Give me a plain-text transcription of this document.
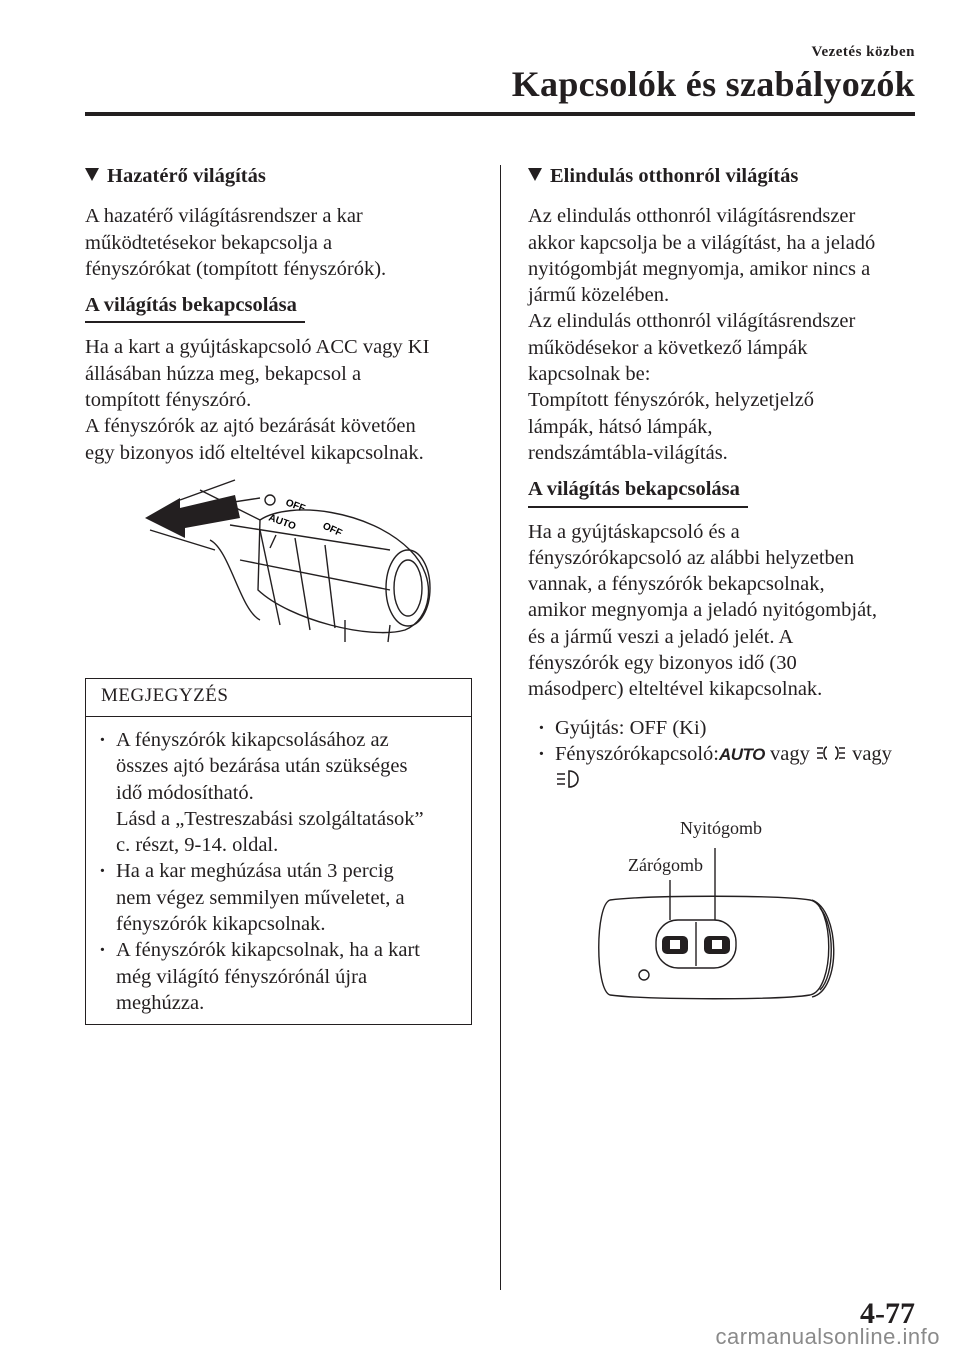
Vezetés közben
Kapcsolók és szabályozók

Hazatérő világítás

A hazatérő világításrendszer a kar
működtetésekor bekapcsolja a
fényszórókat (tompított fényszórók).

A világítás bekapcsolása

Ha a kart a gyújtáskapcsoló ACC vagy KI
állásában húzza meg, bekapcsol a
tompított fényszóró.
A fényszórók az ajtó bezárását követően
egy bizonyos idő elteltével kikapcsolnak.

OFF
OFF
AUTO
MEGJEGYZÉS
· A fényszórók kikapcsolásához az
összes ajtó bezárása után szükséges
idő módosítható.
Lásd a „Testreszabási szolgáltatások”
c. részt, 9-14. oldal.
· Ha a kar meghúzása után 3 percig
nem végez semmilyen műveletet, a
fényszórók kikapcsolnak.
· A fényszórók kikapcsolnak, ha a kart
még világító fényszórónál újra
meghúzza.

Elindulás otthonról világítás

Az elindulás otthonról világításrendszer
akkor kapcsolja be a világítást, ha a jeladó
nyitógombját megnyomja, amikor nincs a
jármű közelében.
Az elindulás otthonról világításrendszer
működésekor a következő lámpák
kapcsolnak be:
Tompított fényszórók, helyzetjelző
lámpák, hátsó lámpák,
rendszámtábla-világítás.

A világítás bekapcsolása

Ha a gyújtáskapcsoló és a
fényszórókapcsoló az alábbi helyzetben
vannak, a fényszórók bekapcsolnak,
amikor megnyomja a jeladó nyitógombját,
és a jármű veszi a jeladó jelét. A
fényszórók egy bizonyos idő (30
másodperc) elteltével kikapcsolnak.

· Gyújtás: OFF (Ki)
· Fényszórókapcsoló:AUTO vagy vagy

Nyitógomb
Zárógomb
4-77
carmanualsonline.info
